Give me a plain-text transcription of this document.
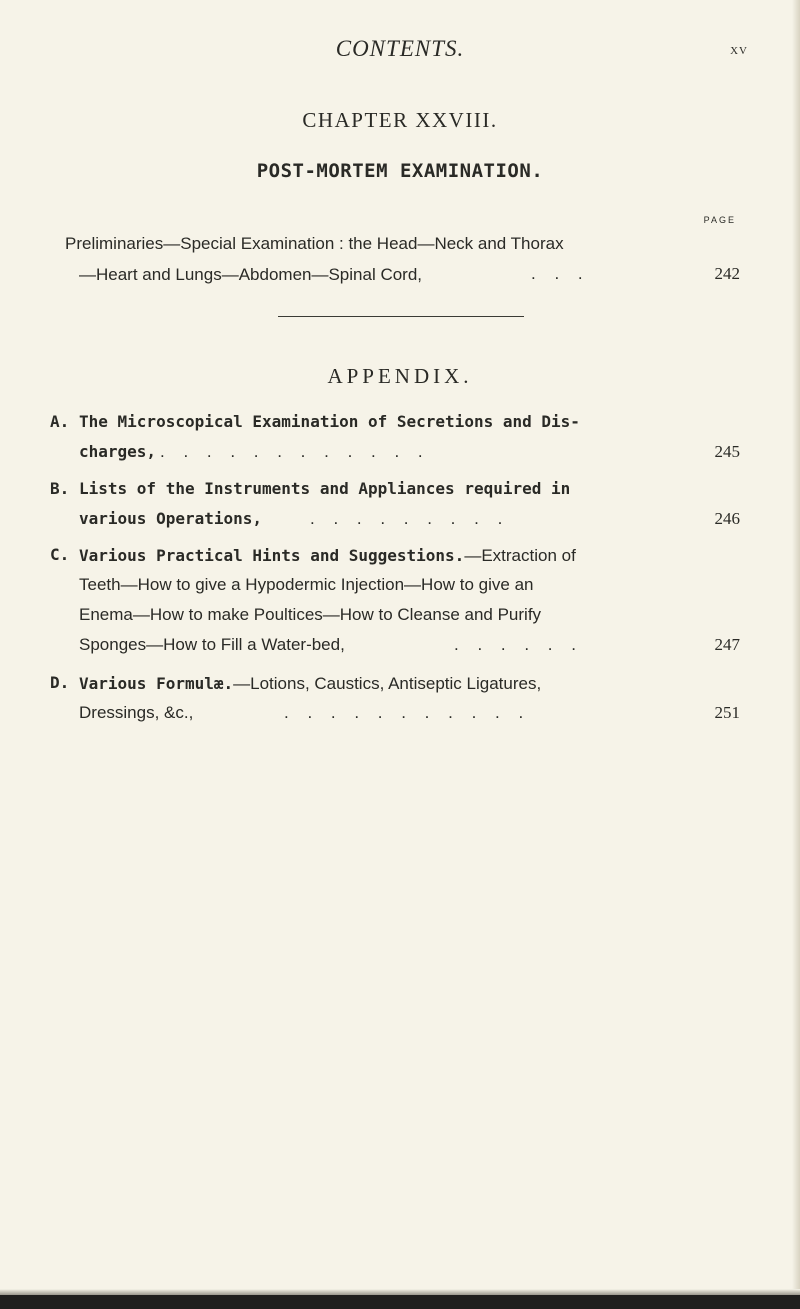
CONTENTS.	xv
CHAPTER XXVIII.
POST-MORTEM EXAMINATION.
PAGE
Preliminaries—Special Examination : the Head—Neck and Thorax
—Heart and Lungs—Abdomen—Spinal Cord,	. . .	242
APPENDIX.
A. The Microscopical Examination of Secretions and Dis-
charges, . . . . . . . . . . . .	245
B. Lists of the Instruments and Appliances required in
various Operations,	. . . . . . . . .	246
C. Various Practical Hints and Suggestions.—Extraction of
Teeth—How to give a Hypodermic Injection—How to give an
Enema—How to make Poultices—How to Cleanse and Purify
Sponges—How to Fill a Water-bed,	. . . . . .	247
D. Various Formulæ.—Lotions, Caustics, Antiseptic Ligatures,
Dressings, &c.,	. . . . . . . . . . .	251
